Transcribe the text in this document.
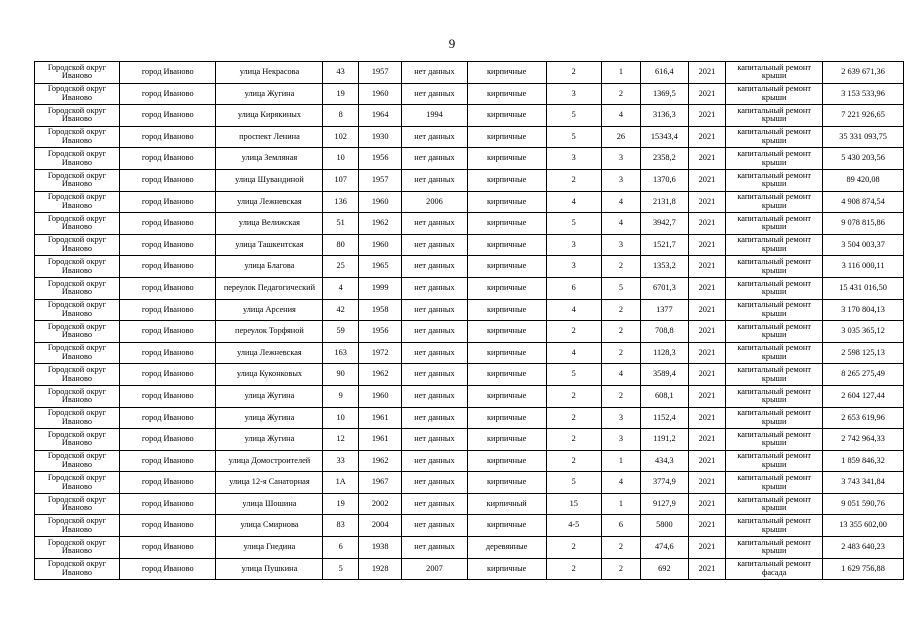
9
Городской округ Иваново	город Иваново	улица Некрасова	43	1957	нет данных	кирпичные	2	1	616,4	2021	капитальный ремонт крыши	2 639 671,36
Городской округ Иваново	город Иваново	улица Жугина	19	1960	нет данных	кирпичные	3	2	1369,5	2021	капитальный ремонт крыши	3 153 533,96
Городской округ Иваново	город Иваново	улица Кирякиных	8	1964	1994	кирпичные	5	4	3136,3	2021	капитальный ремонт крыши	7 221 926,65
Городской округ Иваново	город Иваново	проспект Ленина	102	1930	нет данных	кирпичные	5	26	15343,4	2021	капитальный ремонт крыши	35 331 093,75
Городской округ Иваново	город Иваново	улица Земляная	10	1956	нет данных	кирпичные	3	3	2358,2	2021	капитальный ремонт крыши	5 430 203,56
Городской округ Иваново	город Иваново	улица Шувандиной	107	1957	нет данных	кирпичные	2	3	1370,6	2021	капитальный ремонт крыши	89 420,08
Городской округ Иваново	город Иваново	улица Лежневская	136	1960	2006	кирпичные	4	4	2131,8	2021	капитальный ремонт крыши	4 908 874,54
Городской округ Иваново	город Иваново	улица Велижская	51	1962	нет данных	кирпичные	5	4	3942,7	2021	капитальный ремонт крыши	9 078 815,86
Городской округ Иваново	город Иваново	улица Ташкентская	80	1960	нет данных	кирпичные	3	3	1521,7	2021	капитальный ремонт крыши	3 504 003,37
Городской округ Иваново	город Иваново	улица Благова	25	1965	нет данных	кирпичные	3	2	1353,2	2021	капитальный ремонт крыши	3 116 000,11
Городской округ Иваново	город Иваново	переулок Педагогический	4	1999	нет данных	кирпичные	6	5	6701,3	2021	капитальный ремонт крыши	15 431 016,50
Городской округ Иваново	город Иваново	улица Арсения	42	1958	нет данных	кирпичные	4	2	1377	2021	капитальный ремонт крыши	3 170 804,13
Городской округ Иваново	город Иваново	переулок Торфяной	59	1956	нет данных	кирпичные	2	2	708,8	2021	капитальный ремонт крыши	3 035 365,12
Городской округ Иваново	город Иваново	улица Лежневская	163	1972	нет данных	кирпичные	4	2	1128,3	2021	капитальный ремонт крыши	2 598 125,13
Городской округ Иваново	город Иваново	улица Куконковых	90	1962	нет данных	кирпичные	5	4	3589,4	2021	капитальный ремонт крыши	8 265 275,49
Городской округ Иваново	город Иваново	улица Жугина	9	1960	нет данных	кирпичные	2	2	608,1	2021	капитальный ремонт крыши	2 604 127,44
Городской округ Иваново	город Иваново	улица Жугина	10	1961	нет данных	кирпичные	2	3	1152,4	2021	капитальный ремонт крыши	2 653 619,96
Городской округ Иваново	город Иваново	улица Жугина	12	1961	нет данных	кирпичные	2	3	1191,2	2021	капитальный ремонт крыши	2 742 964,33
Городской округ Иваново	город Иваново	улица Домостроителей	33	1962	нет данных	кирпичные	2	1	434,3	2021	капитальный ремонт крыши	1 859 846,32
Городской округ Иваново	город Иваново	улица 12-я Санаторная	1А	1967	нет данных	кирпичные	5	4	3774,9	2021	капитальный ремонт крыши	3 743 341,84
Городской округ Иваново	город Иваново	улица Шошина	19	2002	нет данных	кирпичный	15	1	9127,9	2021	капитальный ремонт крыши	9 051 590,76
Городской округ Иваново	город Иваново	улица Смирнова	83	2004	нет данных	кирпичные	4-5	6	5800	2021	капитальный ремонт крыши	13 355 602,00
Городской округ Иваново	город Иваново	улица Гнедина	6	1938	нет данных	деревянные	2	2	474,6	2021	капитальный ремонт крыши	2 483 640,23
Городской округ Иваново	город Иваново	улица Пушкина	5	1928	2007	кирпичные	2	2	692	2021	капитальный ремонт фасада	1 629 756,88
